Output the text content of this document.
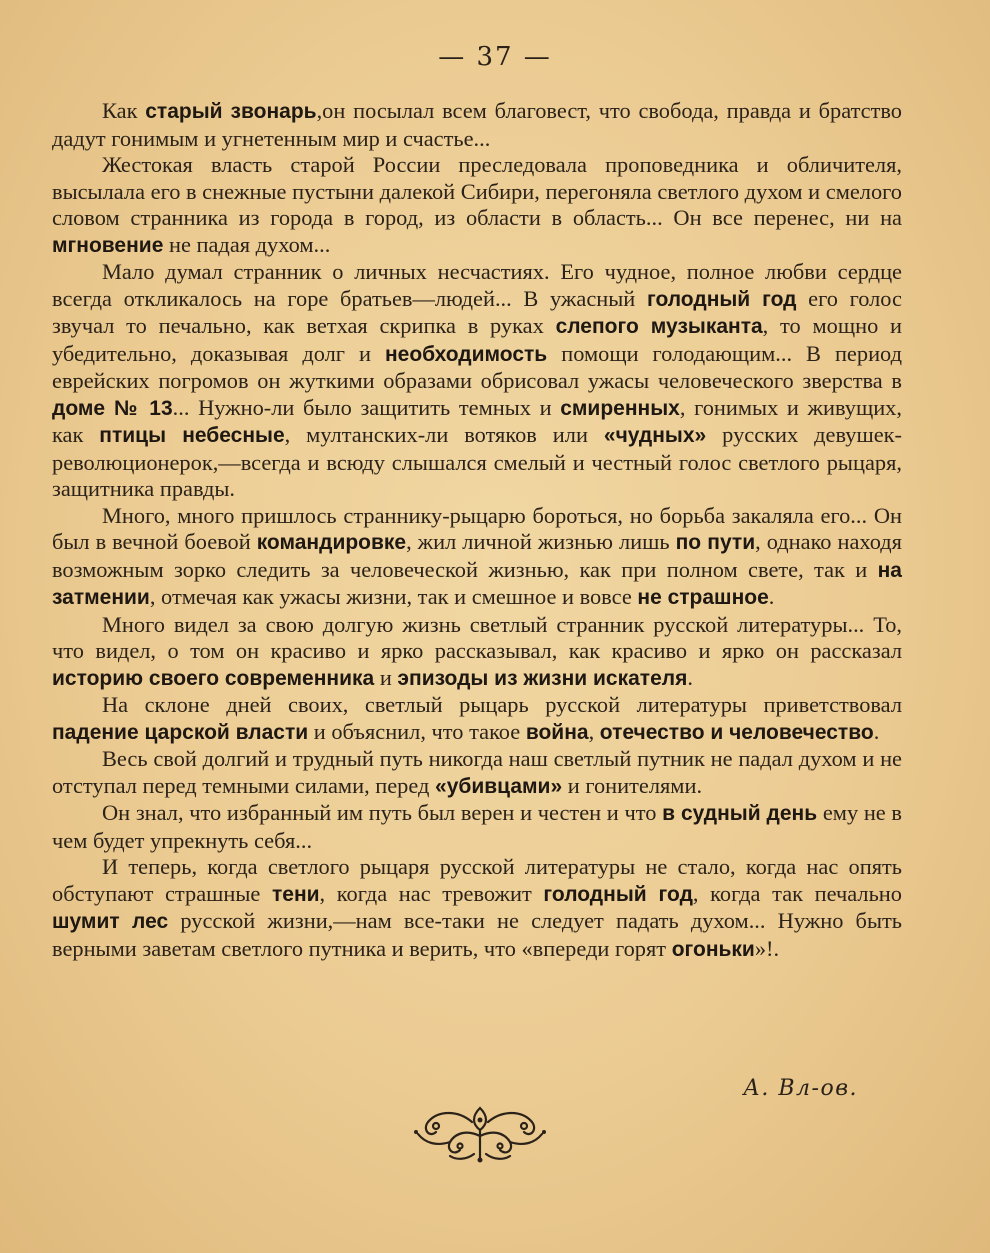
— 37 —

Как старый звонарь,он посылал всем благовест, что свобода, правда и братство дадут гонимым и угнетенным мир и счастье...

Жестокая власть старой России преследовала проповедника и обличителя, высылала его в снежные пустыни далекой Сибири, перегоняла светлого духом и смелого словом странника из города в город, из области в область... Он все перенес, ни на мгновение не падая духом...

Мало думал странник о личных несчастиях. Его чудное, полное любви сердце всегда откликалось на горе братьев—людей... В ужасный голодный год его голос звучал то печально, как ветхая скрипка в руках слепого музыканта, то мощно и убедительно, доказывая долг и необходимость помощи голодающим... В период еврейских погромов он жуткими образами обрисовал ужасы человеческого зверства в доме № 13... Нужно-ли было защитить темных и смиренных, гонимых и живущих, как птицы небесные, мултанских-ли вотяков или «чудных» русских девушек-революционерок,—всегда и всюду слышался смелый и честный голос светлого рыцаря, защитника правды.

Много, много пришлось страннику-рыцарю бороться, но борьба закаляла его... Он был в вечной боевой командировке, жил личной жизнью лишь по пути, однако находя возможным зорко следить за человеческой жизнью, как при полном свете, так и на затмении, отмечая как ужасы жизни, так и смешное и вовсе не страшное.

Много видел за свою долгую жизнь светлый странник русской литературы... То, что видел, о том он красиво и ярко рассказывал, как красиво и ярко он рассказал историю своего современника и эпизоды из жизни искателя.

На склоне дней своих, светлый рыцарь русской литературы приветствовал падение царской власти и объяснил, что такое война, отечество и человечество.

Весь свой долгий и трудный путь никогда наш светлый путник не падал духом и не отступал перед темными силами, перед «убивцами» и гонителями.

Он знал, что избранный им путь был верен и честен и что в судный день ему не в чем будет упрекнуть себя...

И теперь, когда светлого рыцаря русской литературы не стало, когда нас опять обступают страшные тени, когда нас тревожит голодный год, когда так печально шумит лес русской жизни,—нам все-таки не следует падать духом... Нужно быть верными заветам светлого путника и верить, что «впереди горят огоньки»!.

А. Вл-ов.
